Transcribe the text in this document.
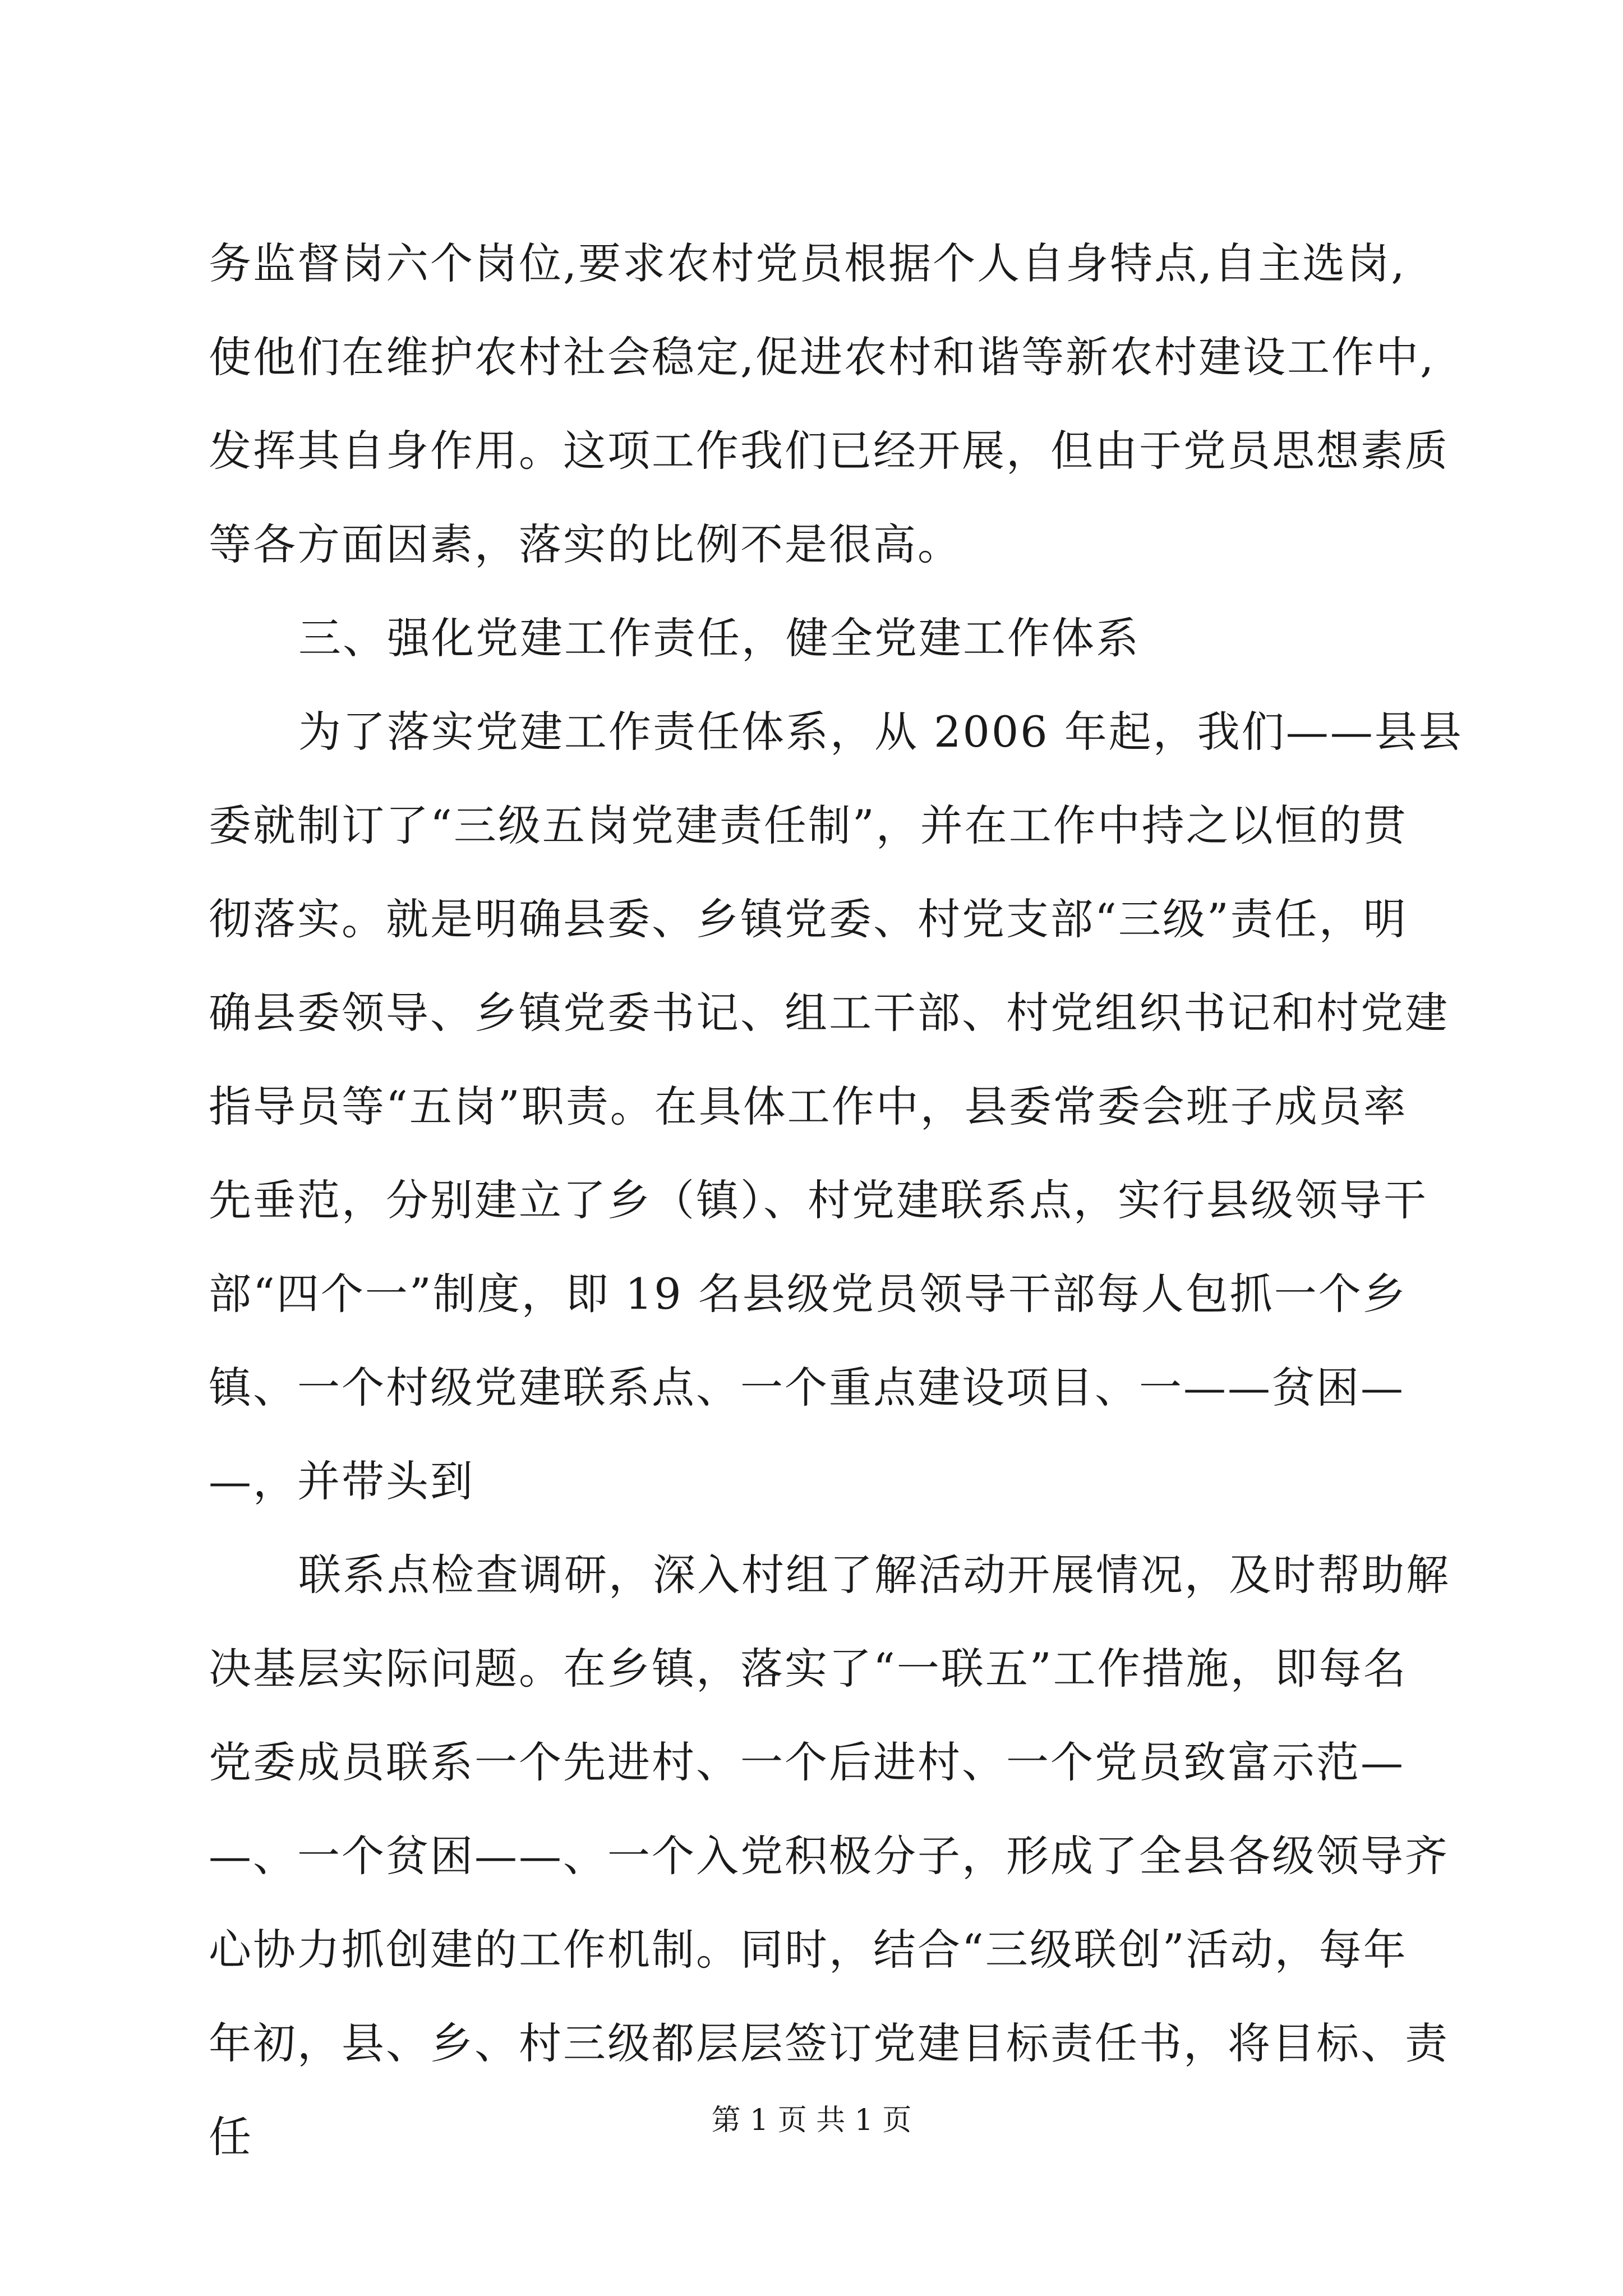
务监督岗六个岗位,要求农村党员根据个人自身特点,自主选岗,
使他们在维护农村社会稳定,促进农村和谐等新农村建设工作中,
发挥其自身作用。这项工作我们已经开展，但由于党员思想素质
等各方面因素，落实的比例不是很高。
三、强化党建工作责任，健全党建工作体系
为了落实党建工作责任体系，从 2006 年起，我们——县县
委就制订了“三级五岗党建责任制”，并在工作中持之以恒的贯
彻落实。就是明确县委、乡镇党委、村党支部“三级”责任，明
确县委领导、乡镇党委书记、组工干部、村党组织书记和村党建
指导员等“五岗”职责。在具体工作中，县委常委会班子成员率
先垂范，分别建立了乡（镇）、村党建联系点，实行县级领导干
部“四个一”制度，即 19 名县级党员领导干部每人包抓一个乡
镇、一个村级党建联系点、一个重点建设项目、一——贫困—
—，并带头到
联系点检查调研，深入村组了解活动开展情况，及时帮助解
决基层实际问题。在乡镇，落实了“一联五”工作措施，即每名
党委成员联系一个先进村、一个后进村、一个党员致富示范—
—、一个贫困——、一个入党积极分子，形成了全县各级领导齐
心协力抓创建的工作机制。同时，结合“三级联创”活动，每年
年初，县、乡、村三级都层层签订党建目标责任书，将目标、责
任	第 1 页 共 1 页
